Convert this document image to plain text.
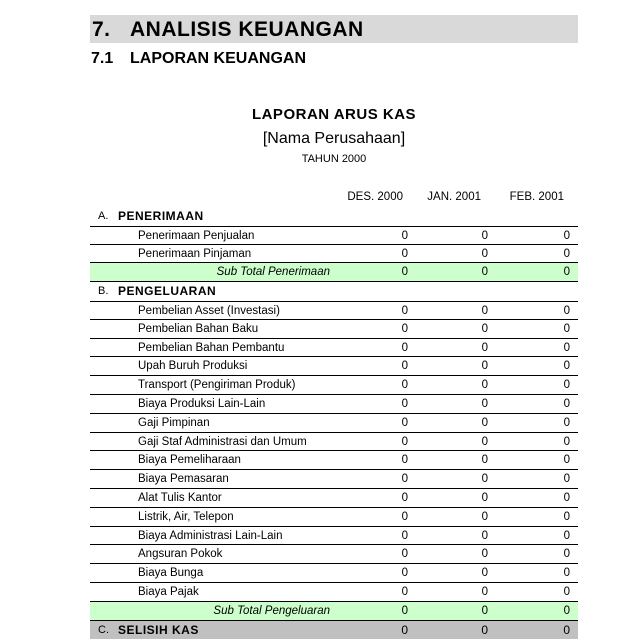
7. ANALISIS KEUANGAN
7.1 LAPORAN KEUANGAN
LAPORAN ARUS KAS
[Nama Perusahaan]
TAHUN 2000
DES. 2000	JAN. 2001	FEB. 2001
A. PENERIMAAN
Penerimaan Penjualan	0	0	0
Penerimaan Pinjaman	0	0	0
Sub Total Penerimaan	0	0	0
B. PENGELUARAN
Pembelian Asset (Investasi)	0	0	0
Pembelian Bahan Baku	0	0	0
Pembelian Bahan Pembantu	0	0	0
Upah Buruh Produksi	0	0	0
Transport (Pengiriman Produk)	0	0	0
Biaya Produksi Lain-Lain	0	0	0
Gaji Pimpinan	0	0	0
Gaji Staf Administrasi dan Umum	0	0	0
Biaya Pemeliharaan	0	0	0
Biaya Pemasaran	0	0	0
Alat Tulis Kantor	0	0	0
Listrik, Air, Telepon	0	0	0
Biaya Administrasi Lain-Lain	0	0	0
Angsuran Pokok	0	0	0
Biaya Bunga	0	0	0
Biaya Pajak	0	0	0
Sub Total Pengeluaran	0	0	0
C. SELISIH KAS	0	0	0
